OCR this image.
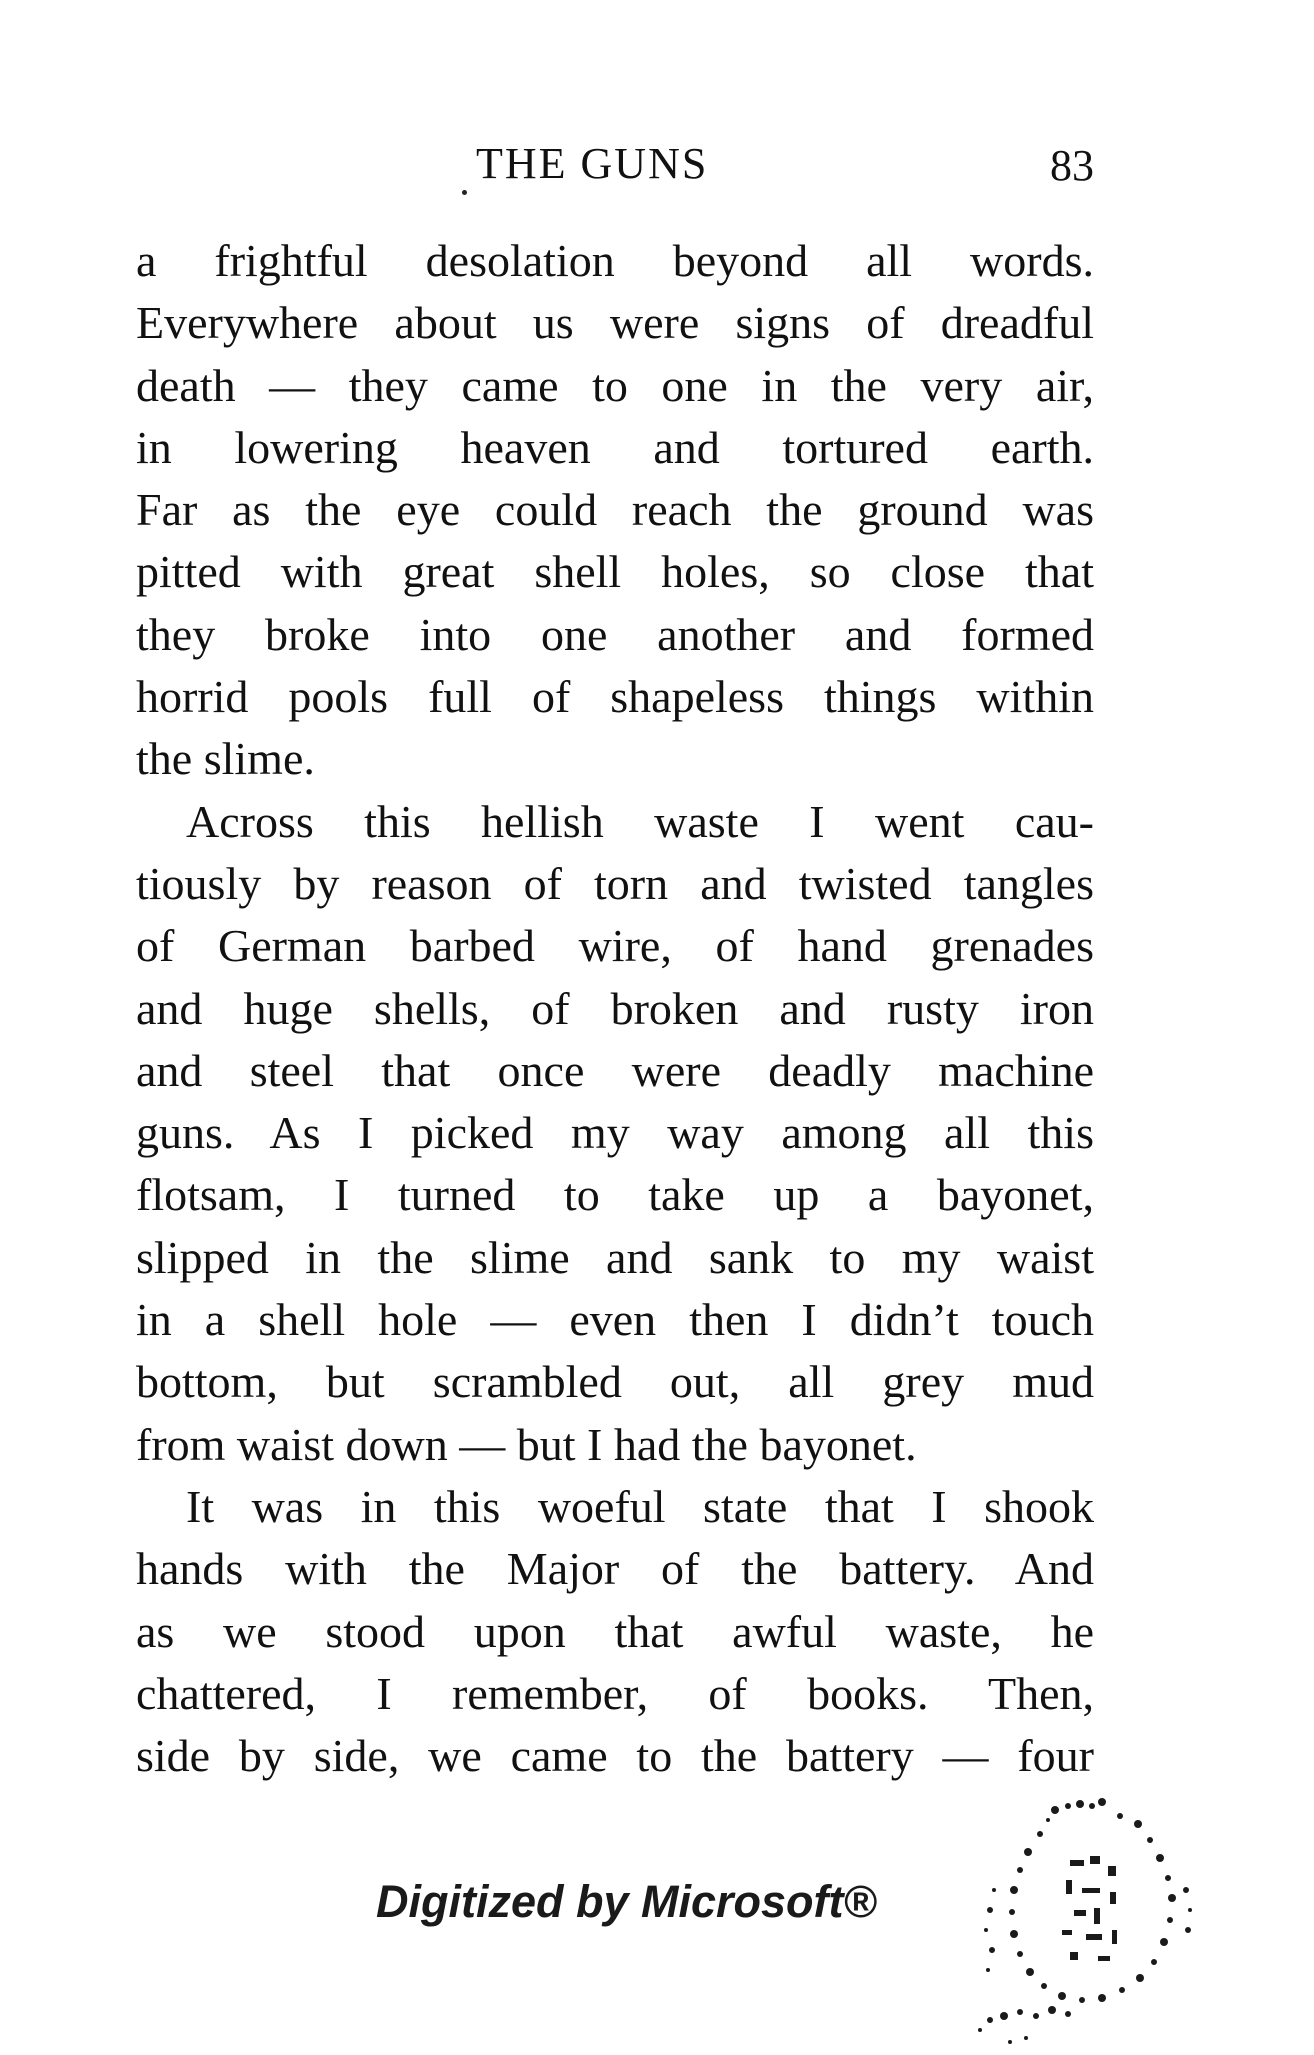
THE GUNS	83
a frightful desolation beyond all words.
Everywhere about us were signs of dreadful
death — they came to one in the very air,
in lowering heaven and tortured earth.
Far as the eye could reach the ground was
pitted with great shell holes, so close that
they broke into one another and formed
horrid pools full of shapeless things within
the slime.
Across this hellish waste I went cau-
tiously by reason of torn and twisted tangles
of German barbed wire, of hand grenades
and huge shells, of broken and rusty iron
and steel that once were deadly machine
guns. As I picked my way among all this
flotsam, I turned to take up a bayonet,
slipped in the slime and sank to my waist
in a shell hole — even then I didn’t touch
bottom, but scrambled out, all grey mud
from waist down — but I had the bayonet.
It was in this woeful state that I shook
hands with the Major of the battery. And
as we stood upon that awful waste, he
chattered, I remember, of books. Then,
side by side, we came to the battery — four
Digitized by Microsoft®
